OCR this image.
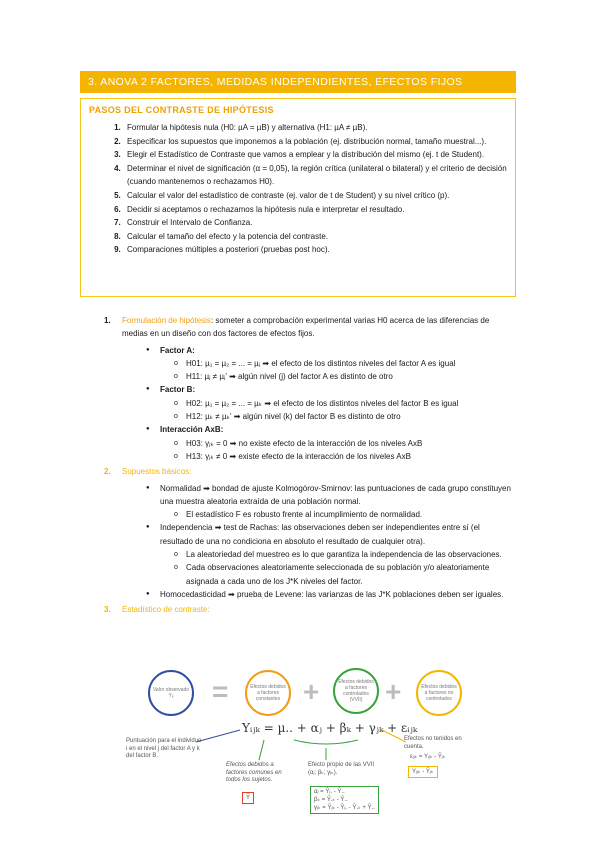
3. ANOVA 2 FACTORES, MEDIDAS INDEPENDIENTES, EFECTOS FIJOS
PASOS DEL CONTRASTE DE HIPÓTESIS
1. Formular la hipótesis nula (H0: µA = µB) y alternativa (H1: µA ≠ µB).
2. Especificar los supuestos que imponemos a la población (ej. distribución normal, tamaño muestral...).
3. Elegir el Estadístico de Contraste que vamos a emplear y la distribución del mismo (ej. t de Student).
4. Determinar el nivel de significación (α = 0,05), la región crítica (unilateral o bilateral) y el criterio de decisión (cuando mantenemos o rechazamos H0).
5. Calcular el valor del estadístico de contraste (ej. valor de t de Student) y su nivel crítico (p).
6. Decidir si aceptamos o rechazamos la hipótesis nula e interpretar el resultado.
7. Construir el Intervalo de Confianza.
8. Calcular el tamaño del efecto y la potencia del contraste.
9. Comparaciones múltiples a posteriori (pruebas post hoc).
1. Formulación de hipótesis: someter a comprobación experimental varias H0 acerca de las diferencias de medias en un diseño con dos factores de efectos fijos.
● Factor A:
o H01: µ₁ = µ₂ = ... = µⱼ ➡ el efecto de los distintos niveles del factor A es igual
o H11: µⱼ ≠ µⱼ' ➡ algún nivel (j) del factor A es distinto de otro
● Factor B:
o H02: µ₁ = µ₂ = ... = µₖ ➡ el efecto de los distintos niveles del factor B es igual
o H12: µₖ ≠ µₖ' ➡ algún nivel (k) del factor B es distinto de otro
● Interacción AxB:
o H03: γⱼₖ = 0 ➡ no existe efecto de la interacción de los niveles AxB
o H13: γⱼₖ ≠ 0 ➡ existe efecto de la interacción de los niveles AxB
2. Supuestos básicos:
● Normalidad ➡ bondad de ajuste Kolmogórov-Smirnov: las puntuaciones de cada grupo constituyen una muestra aleatoria extraída de una población normal.
o El estadístico F es robusto frente al incumplimiento de normalidad.
● Independencia ➡ test de Rachas: las observaciones deben ser independientes entre sí (el resultado de una no condiciona en absoluto el resultado de cualquier otra).
o La aleatoriedad del muestreo es lo que garantiza la independencia de las observaciones.
o Cada observaciones aleatoriamente seleccionada de su población y/o aleatoriamente asignada a cada uno de los J*K niveles del factor.
● Homocedasticidad ➡ prueba de Levene: las varianzas de las J*K poblaciones deben ser iguales.
3. Estadístico de contraste:
Valor observado Yᵢⱼ	=	Efectos debidos a factores constantes +	Efectos debidos a factores controlados (VVII) +	Efectos debidos a factores no controlados
Yᵢⱼₖ = µ.. + αⱼ + βₖ + γⱼₖ + εᵢⱼₖ
Puntuación para el individuo i en el nivel j del factor A y k del factor B.
Efectos debidos a factores comunes en todos los sujetos.
Ȳ
Efecto propio de las VVII (αⱼ; βₖ; γⱼₖ).
αⱼ = Ȳⱼ. - Ȳ..
βₖ = Ȳ.ₖ - Ȳ..
γⱼₖ = Ȳⱼₖ - Ȳⱼ. - Ȳ.ₖ + Ȳ..
Efectos no tenidos en cuenta.
εᵢⱼₖ = Yᵢⱼₖ - Ȳⱼₖ
Yᵢⱼₖ - Ȳⱼₖ
